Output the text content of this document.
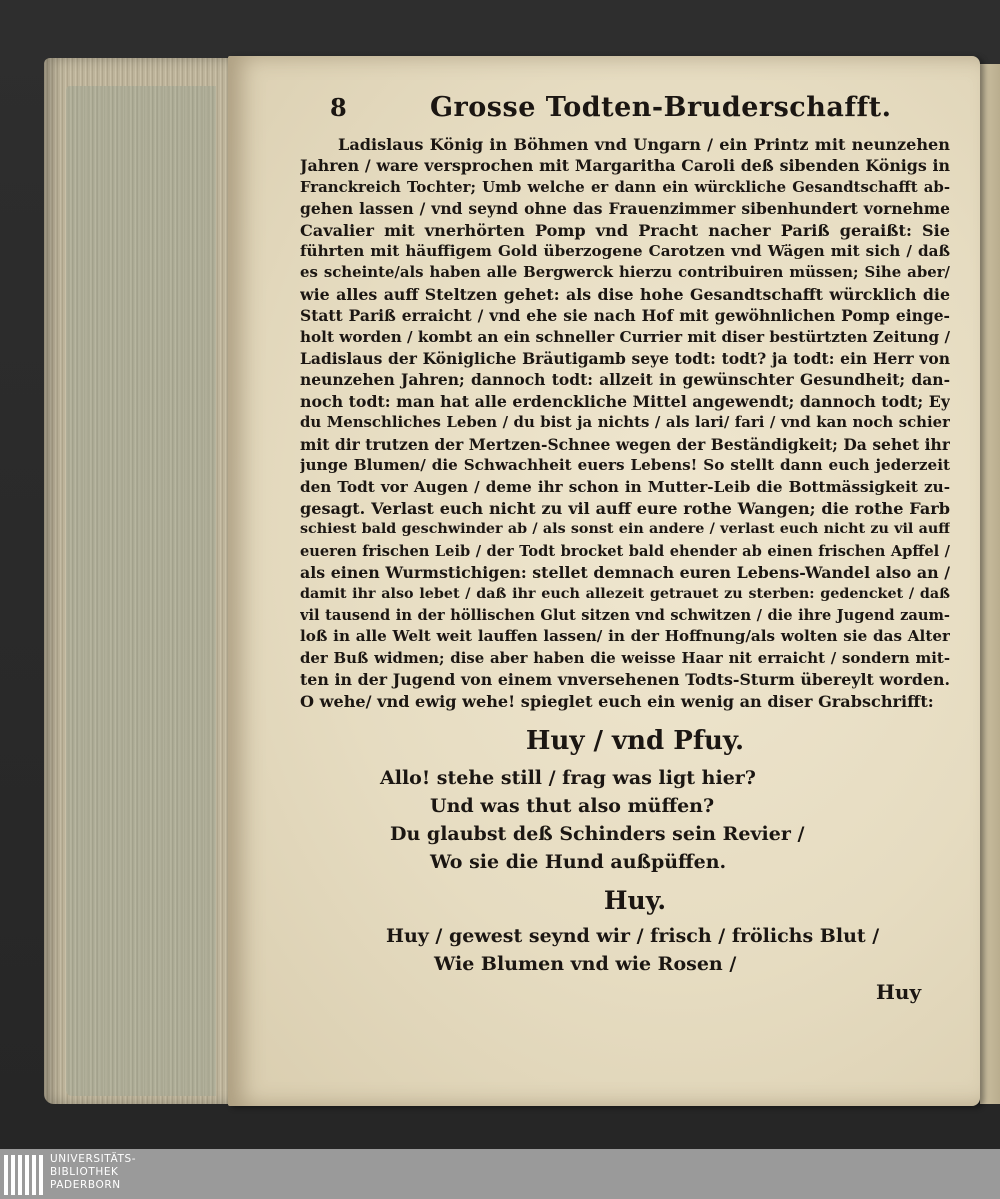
8	Grosse Todten-Bruderschafft.
Ladislaus König in Böhmen vnd Ungarn / ein Printz mit neunzehen
Jahren / ware versprochen mit Margaritha Caroli deß sibenden Königs in
Franckreich Tochter; Umb welche er dann ein würckliche Gesandtschafft ab-
gehen lassen / vnd seynd ohne das Frauenzimmer sibenhundert vornehme
Cavalier mit vnerhörten Pomp vnd Pracht nacher Pariß geraißt: Sie
führten mit häuffigem Gold überzogene Carotzen vnd Wägen mit sich / daß
es scheinte/als haben alle Bergwerck hierzu contribuiren müssen; Sihe aber/
wie alles auff Steltzen gehet: als dise hohe Gesandtschafft würcklich die
Statt Pariß erraicht / vnd ehe sie nach Hof mit gewöhnlichen Pomp einge-
holt worden / kombt an ein schneller Currier mit diser bestürtzten Zeitung /
Ladislaus der Königliche Bräutigamb seye todt: todt? ja todt: ein Herr von
neunzehen Jahren; dannoch todt: allzeit in gewünschter Gesundheit; dan-
noch todt: man hat alle erdenckliche Mittel angewendt; dannoch todt; Ey
du Menschliches Leben / du bist ja nichts / als lari/ fari / vnd kan noch schier
mit dir trutzen der Mertzen-Schnee wegen der Beständigkeit; Da sehet ihr
junge Blumen/ die Schwachheit euers Lebens! So stellt dann euch jederzeit
den Todt vor Augen / deme ihr schon in Mutter-Leib die Bottmässigkeit zu-
gesagt. Verlast euch nicht zu vil auff eure rothe Wangen; die rothe Farb
schiest bald geschwinder ab / als sonst ein andere / verlast euch nicht zu vil auff
eueren frischen Leib / der Todt brocket bald ehender ab einen frischen Apffel /
als einen Wurmstichigen: stellet demnach euren Lebens-Wandel also an /
damit ihr also lebet / daß ihr euch allezeit getrauet zu sterben: gedencket / daß
vil tausend in der höllischen Glut sitzen vnd schwitzen / die ihre Jugend zaum-
loß in alle Welt weit lauffen lassen/ in der Hoffnung/als wolten sie das Alter
der Buß widmen; dise aber haben die weisse Haar nit erraicht / sondern mit-
ten in der Jugend von einem vnversehenen Todts-Sturm übereylt worden.
O wehe/ vnd ewig wehe! spieglet euch ein wenig an diser Grabschrifft:
Huy / vnd Pfuy.
Allo! stehe still / frag was ligt hier?
Und was thut also müffen?
Du glaubst deß Schinders sein Revier /
Wo sie die Hund außpüffen.
Huy.
Huy / gewest seynd wir / frisch / frölichs Blut /
Wie Blumen vnd wie Rosen /
Huy
UNIVERSITÄTS-
BIBLIOTHEK
PADERBORN
